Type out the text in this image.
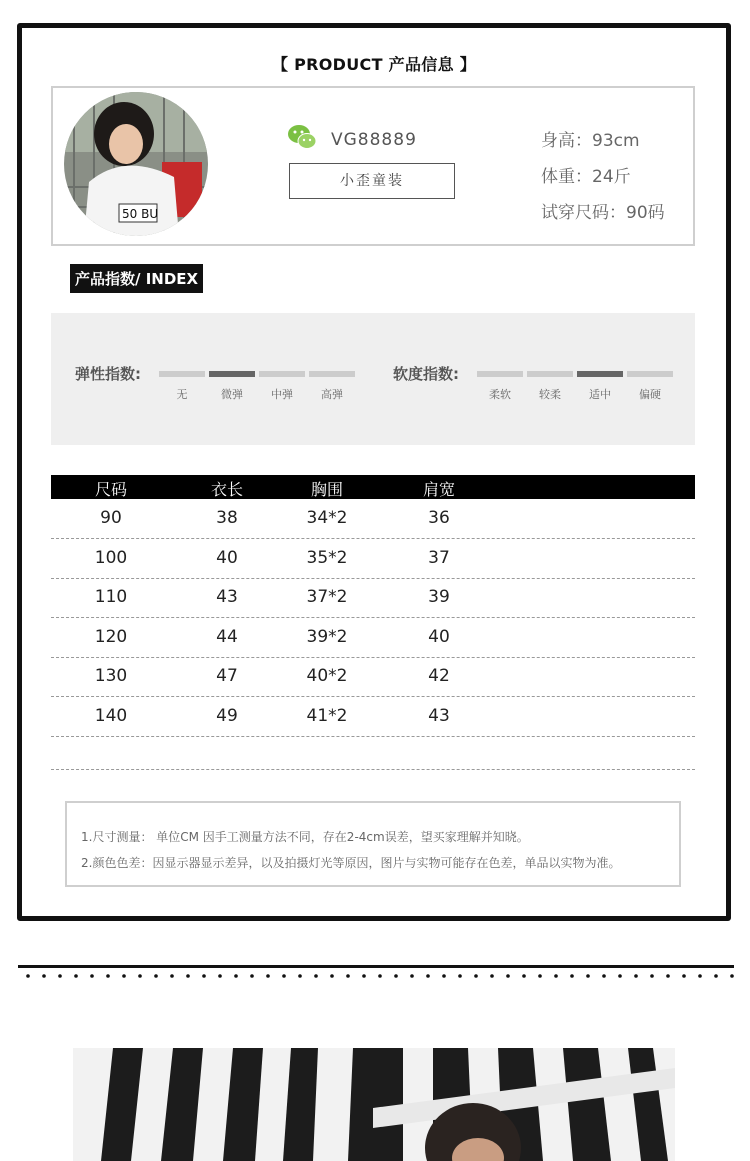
【 PRODUCT 产品信息 】
50 BU
VG88889
小歪童装
身高：93cm
体重：24斤
试穿尺码：90码
产品指数/ INDEX
弹性指数:
无	微弹	中弹	高弹
软度指数:
柔软	较柔	适中	偏硬
尺码	衣长	胸围	肩宽
90	38	34*2	36
100	40	35*2	37
110	43	37*2	39
120	44	39*2	40
130	47	40*2	42
140	49	41*2	43
1.尺寸测量： 单位CM 因手工测量方法不同，存在2-4cm误差，望买家理解并知晓。
2.颜色色差：因显示器显示差异，以及拍摄灯光等原因，图片与实物可能存在色差，单品以实物为准。
